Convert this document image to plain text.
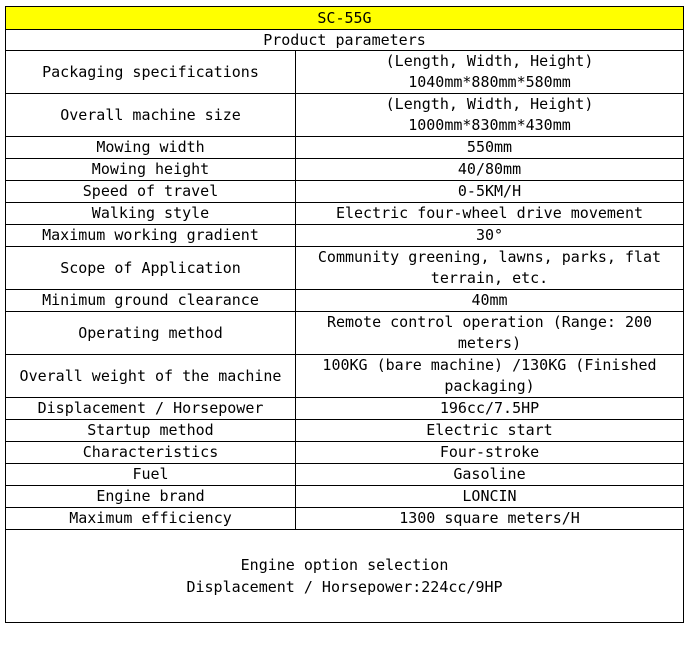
SC-55G	
Product parameters	
Packaging specifications	(Length, Width, Height)
1040mm*880mm*580mm

Overall machine size	(Length, Width, Height)
1000mm*830mm*430mm

Mowing width	550mm
Mowing height	40/80mm
Speed of travel	0-5KM/H
Walking style	Electric four-wheel drive movement
Maximum working gradient	30°
Scope of Application	Community greening, lawns, parks, flat
terrain, etc.

Minimum ground clearance	40mm
Operating method	Remote control operation (Range: 200
meters)

Overall weight of the machine	100KG (bare machine) /130KG (Finished
packaging)

Displacement / Horsepower	196cc/7.5HP
Startup method	Electric start
Characteristics	Four-stroke
Fuel	Gasoline
Engine brand	LONCIN
Maximum efficiency	1300 square meters/H

Engine option selection
Displacement / Horsepower:224cc/9HP	
